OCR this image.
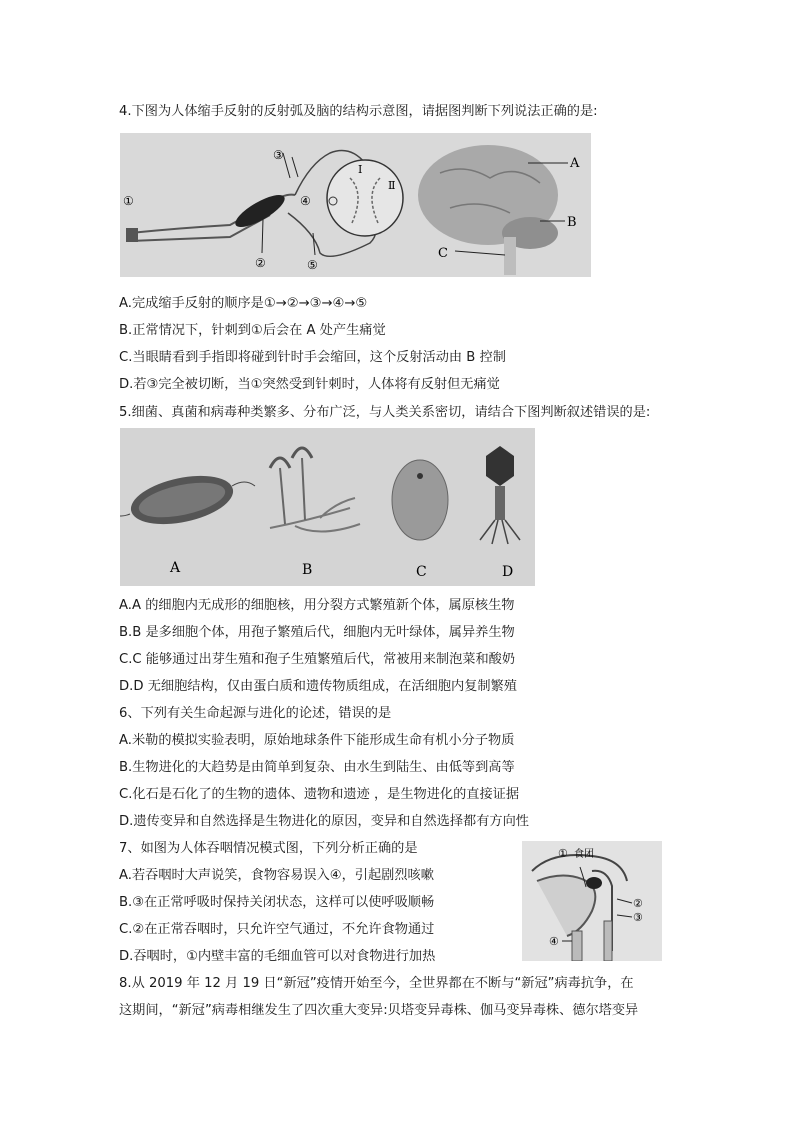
4.下图为人体缩手反射的反射弧及脑的结构示意图，请据图判断下列说法正确的是:
①
②
③
④
⑤
Ⅰ
Ⅱ
A
B
C
A.完成缩手反射的顺序是①→②→③→④→⑤
B.正常情况下，针刺到①后会在 A 处产生痛觉
C.当眼睛看到手指即将碰到针时手会缩回，这个反射活动由 B 控制
D.若③完全被切断，当①突然受到针刺时，人体将有反射但无痛觉
5.细菌、真菌和病毒种类繁多、分布广泛，与人类关系密切，请结合下图判断叙述错误的是:
A	B	C	D
A.A 的细胞内无成形的细胞核，用分裂方式繁殖新个体，属原核生物
B.B 是多细胞个体，用孢子繁殖后代，细胞内无叶绿体，属异养生物
C.C 能够通过出芽生殖和孢子生殖繁殖后代，常被用来制泡菜和酸奶
D.D 无细胞结构，仅由蛋白质和遗传物质组成，在活细胞内复制繁殖
6、下列有关生命起源与进化的论述，错误的是
A.米勒的模拟实验表明，原始地球条件下能形成生命有机小分子物质
B.生物进化的大趋势是由简单到复杂、由水生到陆生、由低等到高等
C.化石是石化了的生物的遗体、遗物和遗迹 ，是生物进化的直接证据
D.遗传变异和自然选择是生物进化的原因，变异和自然选择都有方向性
7、如图为人体吞咽情况模式图，下列分析正确的是
A.若吞咽时大声说笑，食物容易误入④，引起剧烈咳嗽
B.③在正常呼吸时保持关闭状态，这样可以使呼吸顺畅
C.②在正常吞咽时，只允许空气通过，不允许食物通过
D.吞咽时，①内壁丰富的毛细血管可以对食物进行加热
① 食团
②
③
④
8.从 2019 年 12 月 19 日“新冠”疫情开始至今，全世界都在不断与“新冠”病毒抗争，在
这期间，“新冠”病毒相继发生了四次重大变异:贝塔变异毒株、伽马变异毒株、德尔塔变异
